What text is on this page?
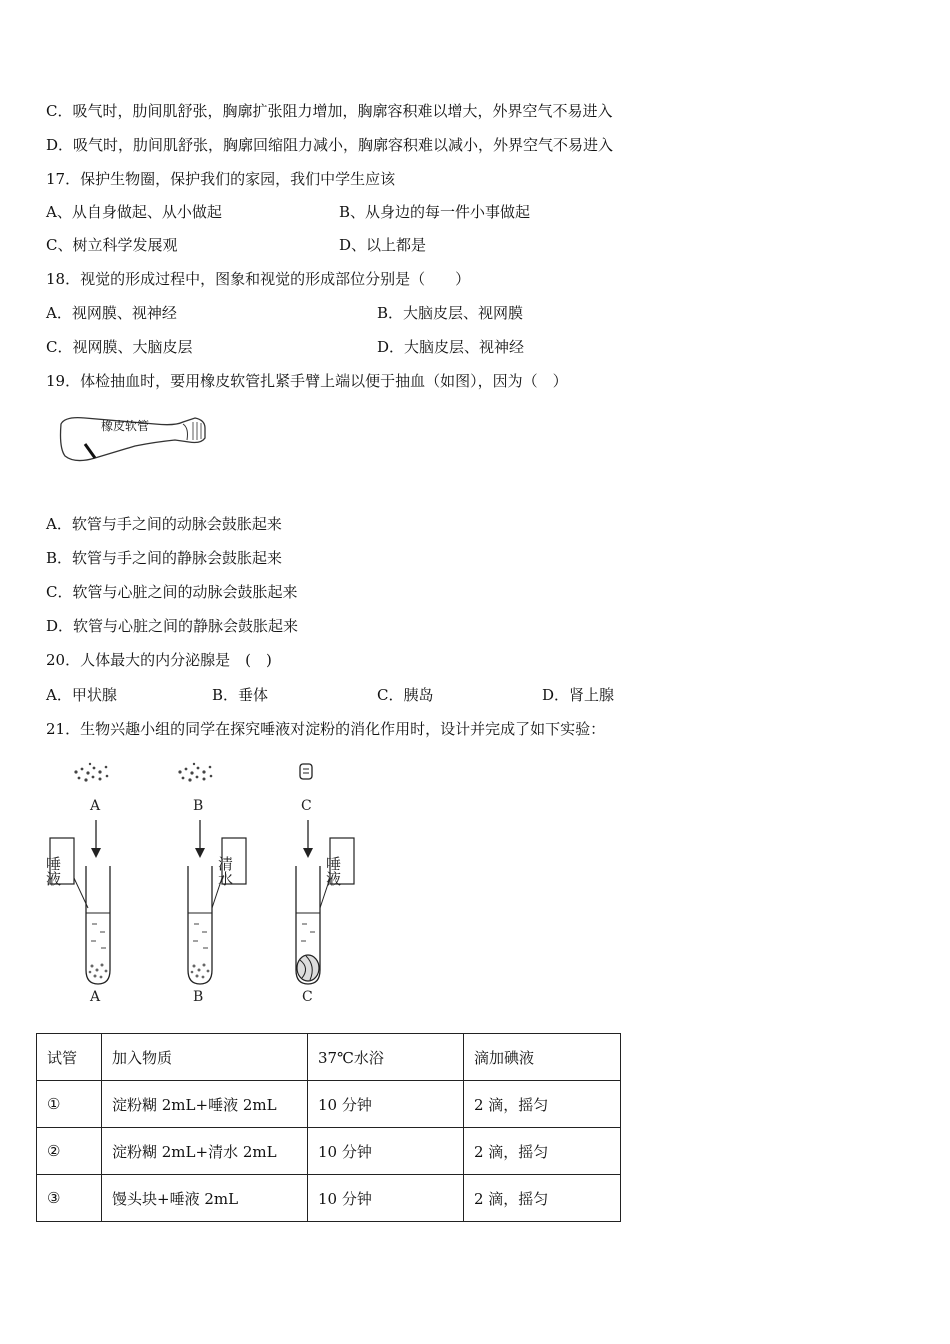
C．吸气时，肋间肌舒张，胸廓扩张阻力增加，胸廓容积难以增大，外界空气不易进入
D．吸气时，肋间肌舒张，胸廓回缩阻力减小，胸廓容积难以减小，外界空气不易进入
17．保护生物圈，保护我们的家园，我们中学生应该
A、从自身做起、从小做起	B、从身边的每一件小事做起
C、树立科学发展观	D、以上都是
18．视觉的形成过程中，图象和视觉的形成部位分别是（　　）
A．视网膜、视神经	B．大脑皮层、视网膜
C．视网膜、大脑皮层	D．大脑皮层、视神经
19．体检抽血时，要用橡皮软管扎紧手臂上端以便于抽血（如图），因为（　）
橡皮软管
A．软管与手之间的动脉会鼓胀起来
B．软管与手之间的静脉会鼓胀起来
C．软管与心脏之间的动脉会鼓胀起来
D．软管与心脏之间的静脉会鼓胀起来
20．人体最大的内分泌腺是　(　)
A．甲状腺	B．垂体	C．胰岛	D．肾上腺
21．生物兴趣小组的同学在探究唾液对淀粉的消化作用时，设计并完成了如下实验：
A
唾液
A
B
清水
B
C
唾液
C
试管	加入物质	37℃水浴	滴加碘液
①	淀粉糊 2mL+唾液 2mL	10 分钟	2 滴，摇匀
②	淀粉糊 2mL+清水 2mL	10 分钟	2 滴，摇匀
③	馒头块+唾液 2mL	10 分钟	2 滴，摇匀
